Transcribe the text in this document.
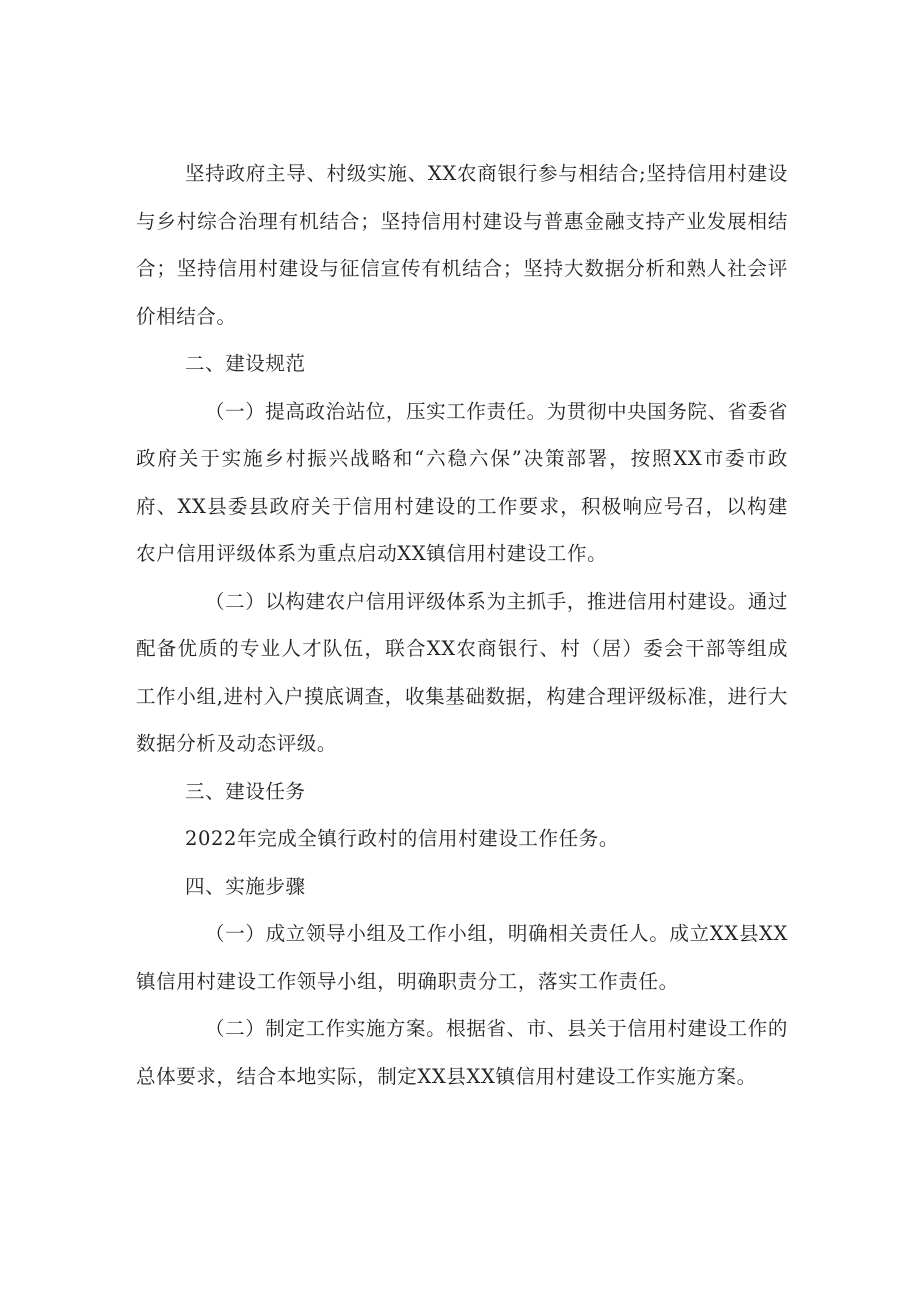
坚持政府主导、村级实施、XX农商银行参与相结合;坚持信用村建设与乡村综合治理有机结合；坚持信用村建设与普惠金融支持产业发展相结合；坚持信用村建设与征信宣传有机结合；坚持大数据分析和熟人社会评价相结合。

二、建设规范

（一）提高政治站位，压实工作责任。为贯彻中央国务院、省委省政府关于实施乡村振兴战略和“六稳六保”决策部署，按照XX市委市政府、XX县委县政府关于信用村建设的工作要求，积极响应号召，以构建农户信用评级体系为重点启动XX镇信用村建设工作。

（二）以构建农户信用评级体系为主抓手，推进信用村建设。通过配备优质的专业人才队伍，联合XX农商银行、村（居）委会干部等组成工作小组,进村入户摸底调查，收集基础数据，构建合理评级标准，进行大数据分析及动态评级。

三、建设任务

2022年完成全镇行政村的信用村建设工作任务。

四、实施步骤

（一）成立领导小组及工作小组，明确相关责任人。成立XX县XX镇信用村建设工作领导小组，明确职责分工，落实工作责任。

（二）制定工作实施方案。根据省、市、县关于信用村建设工作的总体要求，结合本地实际，制定XX县XX镇信用村建设工作实施方案。
